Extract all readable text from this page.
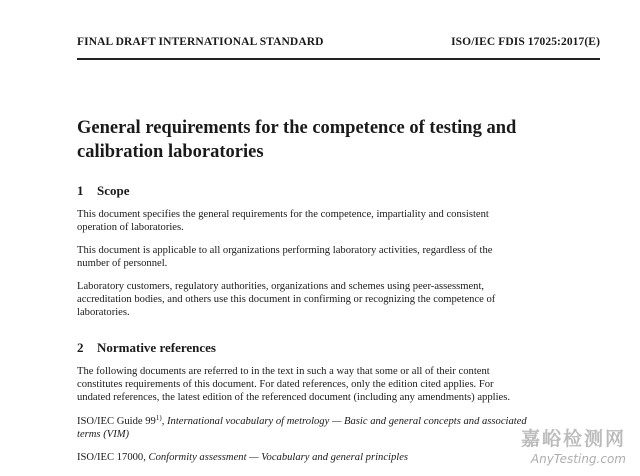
FINAL DRAFT INTERNATIONAL STANDARD	ISO/IEC FDIS 17025:2017(E)
General requirements for the competence of testing and
calibration laboratories
1 Scope

This document specifies the general requirements for the competence, impartiality and consistent
operation of laboratories.

This document is applicable to all organizations performing laboratory activities, regardless of the
number of personnel.

Laboratory customers, regulatory authorities, organizations and schemes using peer-assessment,
accreditation bodies, and others use this document in confirming or recognizing the competence of
laboratories.

2 Normative references

The following documents are referred to in the text in such a way that some or all of their content
constitutes requirements of this document. For dated references, only the edition cited applies. For
undated references, the latest edition of the referenced document (including any amendments) applies.

ISO/IEC Guide 99$^{1)}$, International vocabulary of metrology — Basic and general concepts and associated
terms (VIM)

ISO/IEC 17000, Conformity assessment — Vocabulary and general principles

嘉峪检测网
AnyTesting.com
